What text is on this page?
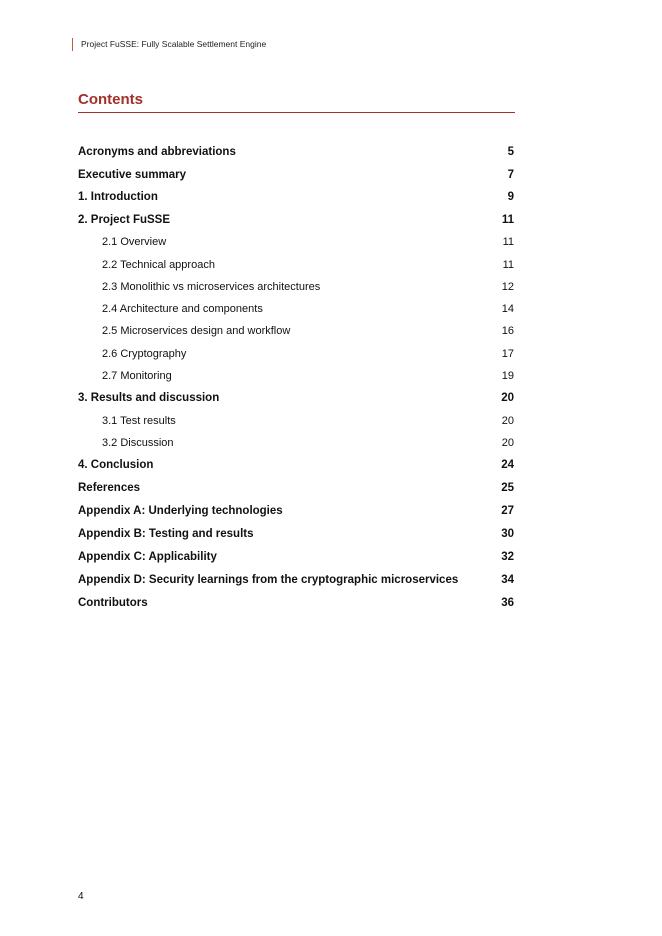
Project FuSSE: Fully Scalable Settlement Engine
Contents
Acronyms and abbreviations	5
Executive summary	7
1. Introduction	9
2. Project FuSSE	11
2.1 Overview	11
2.2 Technical approach	11
2.3 Monolithic vs microservices architectures	12
2.4 Architecture and components	14
2.5 Microservices design and workflow	16
2.6 Cryptography	17
2.7 Monitoring	19
3. Results and discussion	20
3.1 Test results	20
3.2 Discussion	20
4. Conclusion	24
References	25
Appendix A: Underlying technologies	27
Appendix B: Testing and results	30
Appendix C: Applicability	32
Appendix D: Security learnings from the cryptographic microservices	34
Contributors	36
4
